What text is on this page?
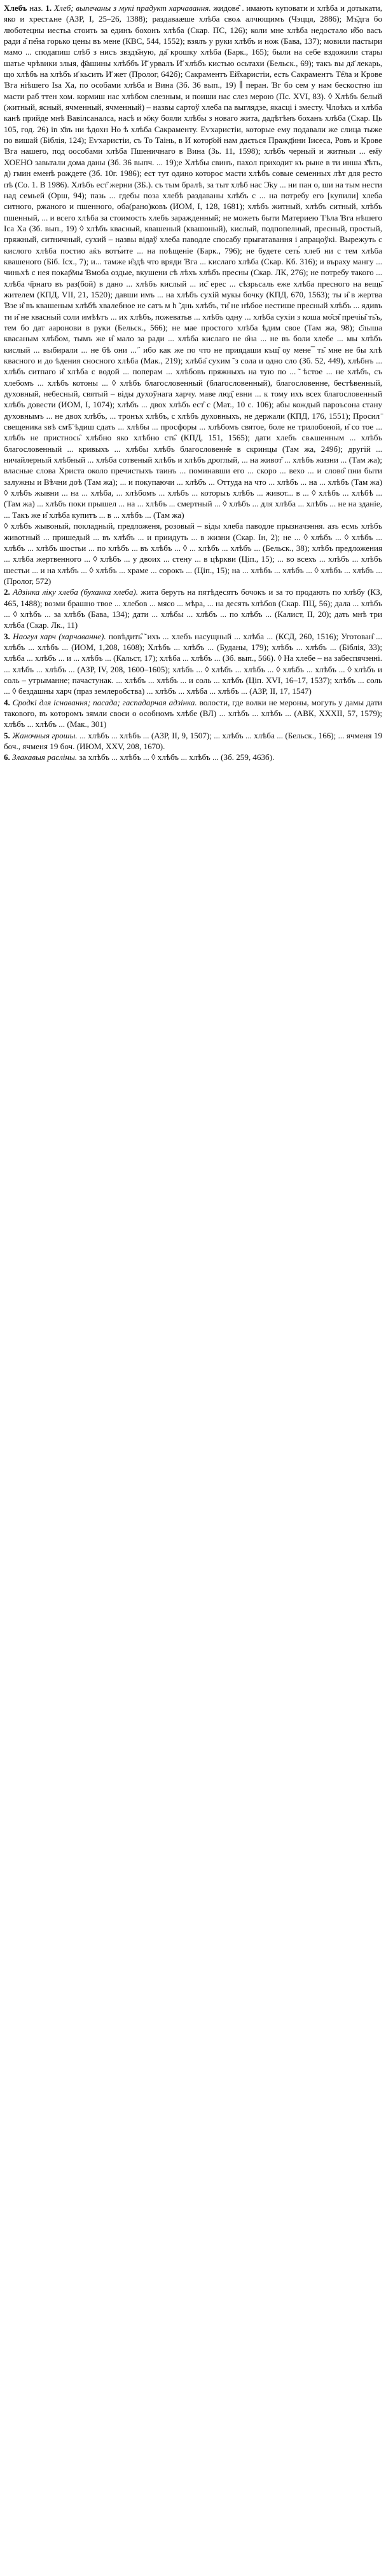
Хлебъ наз. 1. Хлеб; выпечаны з мукі прадукт харчавання. жидове̑ . имають куповати и хлѣба и дотыкати, яко и хрестѧне (АЗР, I, 25–26, 1388); раздаваӕше хлѣба своѧ алчющимъ (Чэцця, 2886); Мъ҄дга бо люботецны иестьа стоить за единъ бохонъ хлѣба (Скар. ПС, 126); коли мне хлѣба недостало и̑бо васъ ради а̑ пе̑на горько цены въ мене (КВС, 544, 1552); взялъ у руки хлѣбъ и нож (Бава, 137); мовили пастыри мамо ... сподапиш слѣб з нисъ звздъ҃ную, да҃ крошку хлѣба (Барк., 165); были на себе вздожили стары шатье чрѣвики злыя, ф҃ашины хлѣббъ И҃ урвалъ И҃ хлѣбъ кистью осьтахи (Бельск., 69); такъ вы да҃ лекарь, що хлѣбъ на хлѣбъ и҃ кьсить И҃ жет (Пролог, 642б); Сакраментъ Ей҆харистіи, есть Сакраментъ Те҇ла и Крове Ɓга ніѣшего Ӏѕa Хa, по особами хлѣба и Вина (Зб. 36 вып., 19) ∥ перан. Ɓг бо сем у нам бескостно іш масти раб ттен хом. кормиш нас хлѣбом слезным, и поиши нас слeз мерою (Пс. XVI, 83). ◊ Хлѣбъ белый (житный, ясный, ячмeнный, ячменный) – назвы сартоў хлеба па выглядзе, якасці і зместу. Члоѣкъ и хлѣба канѣ прийде мнѣ Вавілсаналса, насѣ и м҃жу бояли хлѣбы з новаго жита, дадѣтѣнъ боханъ хлѣба (Скар. Ць 105, год. 26) іn х҃въ ни ѣдохн Но ѣ хлѣба Сакраменту. Еѵхаристіи, которые ему подавали же слица тыже по вишай (Біблія, 124); Еѵхаристіи, съ То Таінь, в И котор҃ой нам дається Пражд҃ини Іисеса, Ровъ и Крове Ɓга нашего, под оособами хлѣба Пшеничнаго в Вина (Зь. 11, 1598); хлѣбъ черный и житныи ... ем҇у ХОЕНО завьтали дома даны (Зб. 36 выпч. ... 19);е Хлѣбы свинъ, пахол приходит къ рыне в ти инша х҃ѣть, д) гмин еменѣ рождете (Зб. 10г. 1986); ест тут одино которос масти хлѣбъ совые семенных лѣт для ресто пѣ (Со. 1. В 1986). Хлѣбъ ест̑ жерни (ЗБ.). съ тым бралѣ, за тыт хлѣб нас Ɔ̑ку ... ни пан о, ши на тым нести над семьей (Орш, 94); пазь ... гдебы поза хлебѣ раздаваны хлѣбъ с ... на потребу его [купили] хлеба ситного, ржаного и пшенного, оба(рано)ковъ (ИОМ, I, 128, 1681); хлѣбъ житный, хлѣбъ ситный, хлѣбъ пшенный, ... и всего хлѣба за стоимость хлебъ заражденный; не можеть быти Материею Тѣла Ɓга нѣшего Ӏса Ха (Зб. вып., 19) ◊ хлѣбъ квасный, квашеный (квашоный), кислый, подпопелный, пресный, простый, пряжный, ситничный, сухий – назвы відаў хлеба паводле спосабу прыгатавання і апрацоўкі. Вырежуть с кислого хлѣба постио аќъ вотъ́ите ... на поѣщеніе (Барк., 796); не будете сеть́ хлеб ни с тем хлѣба квашеного (Біб. Ісх., 7); и... тамже и̑здѣ что вряди Ɓга ... кислаго хлѣба (Скар. Кб. 316); и въраху мангу ... чиньхѣ с нея покар҇мы Ɓмоба оздые, вкушени сѣ лѣхъ хлѣбъ пресны (Скар. ЛК, 276); не потребу такого ... хлѣба ч҃рнaго въ раз(бой) в дано ... хлѣбъ кислый ... ис̑ ерес ... сѣзрьсаль еже хлѣба пресного на вещь̑ жителем (КПД, VII, 21, 1520); давши имъ ... на хлѣбъ сухій мукы бочку (КПД, 670, 1563); ты и̑ в жертва Ɓзе и̑ въ квашеным хлѣбѣ хвалебное не сатъ м һ ̃ днь хлѣбъ, ти̑ не нѣбое нестише пресный хлѣбъ ... ядивъ ти и̑ не квасный соли имѣѣтъ ... их хлѣбъ, пожеватьв ... хлѣбъ одну ... хлѣба сухіи з коша мо̑ся̑ пречіы̑ ть̑ъ, тем бо дат ааронови в руки (Бельск., 566); не мае простого хлѣба ѣдим свое (Там жа, 98); с҃лыша квасаным хлѣбом, тымъ же и̑ мало за ради ... хлѣба кислаго не о̑на ... не въ боли хлебе ... мы хлѣбъ кислый ... выбирали ... не бѣ они ... ҃ ибо как же по что не приядаши къщ̑ оу мене ̅ ть̑ мне не бы хлѣ квасного и до ѣдения сносного хлѣба (Мак., 219); хлѣба̑ сухим ̃ з сола и одно сло (Зб. 52, 449), хлѣбнъ ... хлѣбъ ситпаго и̑ хлѣба с водой ... поперам ... хлѣбовъ пряжныхъ на тую по ... ̃ ѣстое ... не хлѣбъ, съ хлебомъ ... хлѣбъ котоны ... ◊ хлѣбъ благословенный (благословенный), благословенне, бестѣвенный, духовный, небесный, святый – віды духоўнага харчу. маве люд̑ евни ... к тому ихъ всех благословенный хлѣбъ довести (ИОМ, I, 1074); хлѣбъ ... двох хлѣбъ ест̑ с (Мат., 10 с. 106); абы кождый пароъсона стану духовнымъ ... не двох хлѣбъ, ... тронъх хлѣбъ, с хлѣбъ духовныхъ, не держали (КПД, 176, 1551); Просил ̄ свещеника ѕвѣ смѣ҇ ѣдиш сдать ... хлѣбы ... просфоры ... хлѣбомъ святое, боле не трилобоной, и̑ со тое ... хлѣбъ не пристнось̑ хлѣбно яко хлѣбно сть̑ (КПД, 151, 1565); дати хлебъ свѧшенным ... хлѣбъ благословенный ... кривыхъ ... хлѣбы хлѣбъ благословенн̑е в скринцы (Там жа, 249б); другій ... ничайлерный хлѣбный ... хлѣба сотвеный хлѣбъ и хлѣбъ дроглый, ... на живот̑ ... хлѣбъ жизни ... (Там жа); власные слова Христа около пречистыхъ таинъ ... поминавши его ... скоро ... вехо ... и слово̑ пни быти залужны и Вѣчни доѣ (Там жа); ... и покупаючи ... хлѣбъ ... Оттуда на что ... хлѣбъ ... на ... хлѣбъ (Там жа) ◊ хлѣбъ жывни ... на ... хлѣба, ... хлѣбомъ ... хлѣбъ ... которыъ хлѣбъ ... живот... в ... ◊ хлѣбъ ... хлѣбѣ ... (Там жа) ... хлѣбъ поки прышел ... на ... хлѣбъ ... смертный ... ◊ хлѣбъ ... для хлѣба ... хлѣбъ ... не на зданіе, ... Такъ же и̑ хлѣба купитъ ... в ... хлѣбъ ... (Там жа)

◊ хлѣбъ жывоный, покладный, предложеня, розовый – віды хлеба паводле прызначэння. азъ есмь хлѣбъ животный ... пришедый ... въ хлѣбъ ... и приидуть ... в жизни (Скар. Ін, 2); не ... ◊ хлѣбъ ... ◊ хлѣбъ ... хлѣбъ ... хлѣбъ шостьи ... по хлѣбъ ... въ хлѣбъ ... ◊ ... хлѣбъ ... хлѣбъ ... (Бельск., 38); хлѣбъ предложения ... хлѣба жертвенного ... ◊ хлѣбъ ... у двоих ... стену ... в цѣркви (Ціп., 15); ... во всехъ ... хлѣбъ ... хлѣбъ шестьи ... и на хлѣбъ ... ◊ хлѣбъ ... храме ... сорокъ ... (Ціп., 15); на ... хлѣбъ ... хлѣбъ ... ◊ хлѣбъ ... хлѣбъ ... (Пролог, 572)

2. Адзінка ліку хлеба (буханка хлеба). жита беруть на пятѣдесятъ бочокъ и за то продають по хлѣбу (КЗ, 465, 1488); возми брашно твое ... хлебов ... мясо ... мѣра, ... на десять хлѣбов (Скар. ПЦ, 56); дала ... хлѣбъ ... ◊ хлѣбъ ... за хлѣбъ (Бава, 134); дати ... хлѣбы ... хлѣбъ ... по хлѣбъ ... (Калист, II, 20); дать мнѣ три хлѣба (Скар. Лк., 11)

3. Наогул харч (харчаванне). повѣдить̑ ̃ ихъ ... хлебъ насущный ... хлѣба ... (КСД, 260, 1516); Уготован̑ ... хлѣбъ ... хлѣбъ ... (ИОМ, 1,208, 1608); Хлѣбъ ... хлѣбъ ... (Буданы, 179); хлѣбъ ... хлѣбъ ... (Біблія, 33); хлѣба ... хлѣбъ ... и ... хлѣбъ ... (Кальст, 17); хлѣба ... хлѣбъ ... (Зб. вып., 566). ◊ На хлебе – на забеспячэнні. ... хлѣбъ ... хлѣбъ ... (АЗР, IV, 208, 1600–1605); хлѣбъ ... ◊ хлѣбъ ... хлѣбъ ... ◊ хлѣбъ ... хлѣбъ ... ◊ хлѣбъ и соль – утрыманне; пачастунак. ... хлѣбъ ... хлѣбъ ... и соль ... хлѣбъ (Ціп. XVI, 16–17, 1537); хлѣбъ ... соль ... ◊ бездашны харч (праз землеробства) ... хлѣбъ ... хлѣба ... хлѣбъ ... (АЗР, II, 17, 1547)

4. Сродкі для існавання; пасада; гаспадарчая адзінка. волости, где волки не мероны, могуть у дамы дати такового, въ которомъ зямли своєи о особномъ хлѣбе (ВЛ) ... хлѣбъ ... хлѣбъ ... (АВК, XXXII, 57, 1579); хлѣбъ ... хлѣбъ ... (Мак., 301)

5. Жаночныя грошы. ... хлѣбъ ... хлѣбъ ... (АЗР, II, 9, 1507); ... хлѣбъ ... хлѣба ... (Бельск., 166); ... ячменя 19 боч., ячменя 19 боч. (ИЮМ, XXV, 208, 1670).

6. Злакавыя расліны. за хлѣбъ ... хлѣбъ ... ◊ хлѣбъ ... хлѣбъ ... (Зб. 259, 463б).
